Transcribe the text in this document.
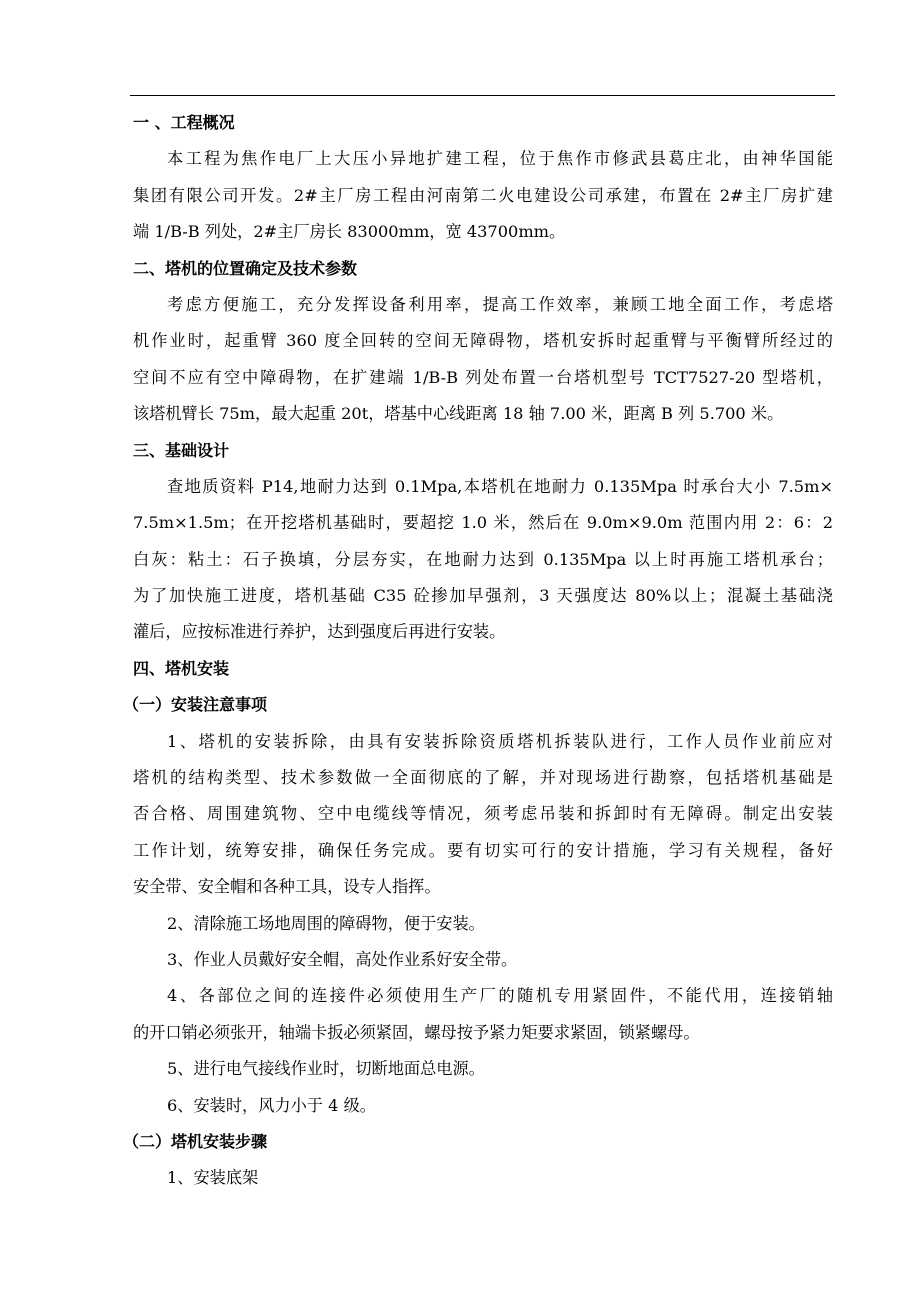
一 、工程概况
本工程为焦作电厂上大压小异地扩建工程，位于焦作市修武县葛庄北，由神华国能
集团有限公司开发。2#主厂房工程由河南第二火电建设公司承建，布置在 2#主厂房扩建
端 1/B-B 列处，2#主厂房长 83000mm，宽 43700mm。
二、塔机的位置确定及技术参数
考虑方便施工，充分发挥设备利用率，提高工作效率，兼顾工地全面工作，考虑塔
机作业时，起重臂 360 度全回转的空间无障碍物，塔机安拆时起重臂与平衡臂所经过的
空间不应有空中障碍物，在扩建端 1/B-B 列处布置一台塔机型号 TCT7527-20 型塔机，
该塔机臂长 75m，最大起重 20t，塔基中心线距离 18 轴 7.00 米，距离 B 列 5.700 米。
三、基础设计
查地质资料 P14,地耐力达到 0.1Mpa,本塔机在地耐力 0.135Mpa 时承台大小 7.5m×
7.5m×1.5m；在开挖塔机基础时，要超挖 1.0 米，然后在 9.0m×9.0m 范围内用 2：6：2
白灰：粘土：石子换填，分层夯实，在地耐力达到 0.135Mpa 以上时再施工塔机承台；
为了加快施工进度，塔机基础 C35 砼掺加早强剂，3 天强度达 80%以上；混凝土基础浇
灌后，应按标准进行养护，达到强度后再进行安装。
四、塔机安装
（一）安装注意事项
1、塔机的安装拆除，由具有安装拆除资质塔机拆装队进行，工作人员作业前应对
塔机的结构类型、技术参数做一全面彻底的了解，并对现场进行勘察，包括塔机基础是
否合格、周围建筑物、空中电缆线等情况，须考虑吊装和拆卸时有无障碍。制定出安装
工作计划，统筹安排，确保任务完成。要有切实可行的安计措施，学习有关规程，备好
安全带、安全帽和各种工具，设专人指挥。
2、清除施工场地周围的障碍物，便于安装。
3、作业人员戴好安全帽，高处作业系好安全带。
4、各部位之间的连接件必须使用生产厂的随机专用紧固件，不能代用，连接销轴
的开口销必须张开，轴端卡扳必须紧固，螺母按予紧力矩要求紧固，锁紧螺母。
5、进行电气接线作业时，切断地面总电源。
6、安装时，风力小于 4 级。
（二）塔机安装步骤
1、安装底架
